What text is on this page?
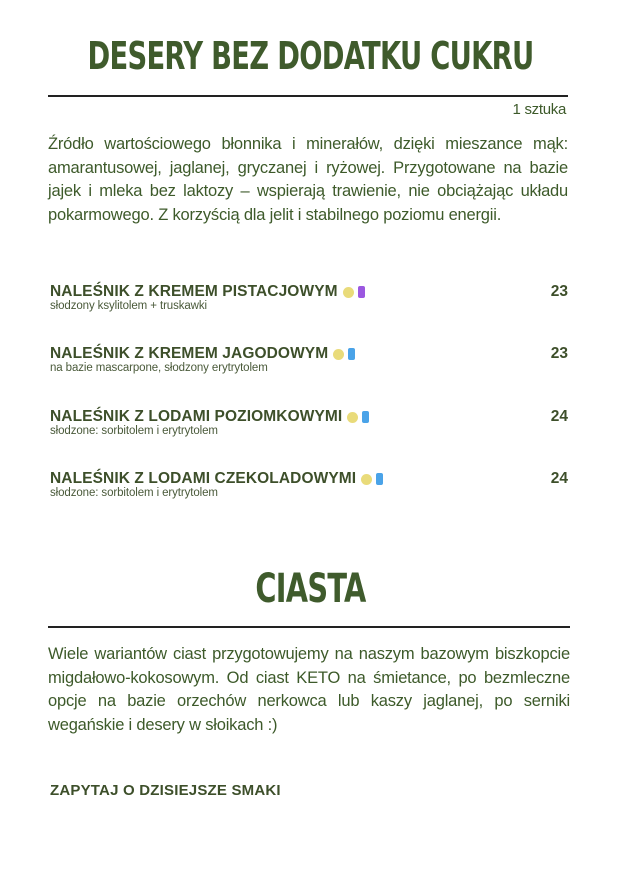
DESERY BEZ DODATKU CUKRU
1 sztuka
Źródło wartościowego błonnika i minerałów, dzięki mieszance mąk: amarantusowej, jaglanej, gryczanej i ryżowej. Przygotowane na bazie jajek i mleka bez laktozy – wspierają trawienie, nie obciążając układu pokarmowego. Z korzyścią dla jelit i stabilnego poziomu energii.
NALEŚNIK Z KREMEM PISTACJOWYM
słodzony ksylitolem + truskawki
23
NALEŚNIK Z KREMEM JAGODOWYM
na bazie mascarpone, słodzony erytrytolem
23
NALEŚNIK Z LODAMI POZIOMKOWYMI
słodzone: sorbitolem i erytrytolem
24
NALEŚNIK Z LODAMI CZEKOLADOWYMI
słodzone: sorbitolem i erytrytolem
24
CIASTA
Wiele wariantów ciast przygotowujemy na naszym bazowym biszkopcie migdałowo-kokosowym. Od ciast KETO na śmietance, po bezmleczne opcje na bazie orzechów nerkowca lub kaszy jaglanej, po serniki wegańskie i desery w słoikach :)
ZAPYTAJ O DZISIEJSZE SMAKI
